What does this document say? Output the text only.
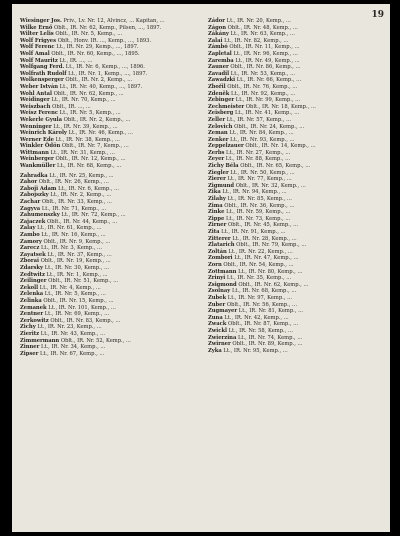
19

Wiesinger Jos. Priv., Lv. Nr. 12, Alvincz, ... Kapitan, ...

Wilke Ernő Oblt., IR. Nr. 62, Kemp., Pilsen, ..., 1897.

Wilter Lelis Oblt., IR. Nr. 5, Kemp., ...

Wolf Frigyes Oblt., Honv. IR. ..., Kemp., ..., 1893.

Wolf Ferenc Lt., IR. Nr. 29, Kemp., ..., 1897.

Wolf Amal Oblt., IR. Nr. 60, Kemp., ..., 1895.

Wolf Mauritz Lt., IR. ..., ...

Wolfgang Ferd. Lt., IR. Nr. 6, Kemp., ..., 1896.

Wolfrath Rudolf Lt., IR. Nr. 1, Kemp., ..., 1897.

Wolkensperger Oblt., IR. Nr. 2, Kemp., ...

Weber István Lt., IR. Nr. 40, Kemp., ..., 1897.

Wohl Antal Oblt., IR. Nr. 62, Kemp., ...

Weidinger Lt., IR. Nr. 70, Kemp., ...

Weiszbach Oblt., IR. ..., ...

Weisz Ferenc Lt., IR. Nr. 5, Kemp., ...

Wekerle Gyula Oblt., IR. Nr. 2, Kemp., ...

Wenninger Lt., IR. Nr. 39, Kemp., ...

Weinrich Károly Lt., IR. Nr. 46, Kemp., ...

Werner Ede Lt., IR. Nr. 38, Kemp., ...

Winkler Ödön Oblt., IR. Nr. 7, Kemp., ...

Wittmann Lt., IR. Nr. 31, Kemp., ...

Weinberger Oblt., IR. Nr. 12, Kemp., ...

Wankmüller Lt., IR. Nr. 68, Kemp., ...

Zahradka Lt., IR. Nr. 25, Kemp., ...

Zahor Oblt., IR. Nr. 26, Kemp., ...

Zaboji Adam Lt., IR. Nr. 6, Kemp., ...

Zabojszky Lt., IR. Nr. 2, Kemp., ...

Zachar Oblt., IR. Nr. 33, Kemp., ...

Zagyva Lt., IR. Nr. 71, Kemp., ...

Zahumenszky Lt., IR. Nr. 72, Kemp., ...

Zajaczek Oblt., IR. Nr. 44, Kemp., ...

Zalay Lt., IR. Nr. 61, Kemp., ...

Zambo Lt., IR. Nr. 16, Kemp., ...

Zamory Oblt., IR. Nr. 9, Kemp., ...

Zarecz Lt., IR. Nr. 3, Kemp., ...

Zayatsek Lt., IR. Nr. 37, Kemp., ...

Zborai Oblt., IR. Nr. 19, Kemp., ...

Zdarsky Lt., IR. Nr. 30, Kemp., ...

Zedtwitz Lt., IR. Nr. 1, Kemp., ...

Zeilinger Oblt., IR. Nr. 51, Kemp., ...

Zekoll Lt., IR. Nr. 4, Kemp., ...

Zelenka Lt., IR. Nr. 5, Kemp., ...

Zelinka Oblt., IR. Nr. 15, Kemp., ...

Zemanek Lt., IR. Nr. 101, Kemp., ...

Zentner Lt., IR. Nr. 69, Kemp., ...

Zerkowitz Oblt., IR. Nr. 83, Kemp., ...

Zichy Lt., IR. Nr. 23, Kemp., ...

Zieritz Lt., IR. Nr. 43, Kemp., ...

Zimmermann Oblt., IR. Nr. 52, Kemp., ...

Zinner Lt., IR. Nr. 34, Kemp., ...

Zipser Lt., IR. Nr. 67, Kemp., ...

Zádor Lt., IR. Nr. 20, Kemp., ...

Zágon Oblt., IR. Nr. 48, Kemp., ...

Zákány Lt., IR. Nr. 63, Kemp., ...

Zalai Lt., IR. Nr. 82, Kemp., ...

Zámbó Oblt., IR. Nr. 11, Kemp., ...

Zapletal Lt., IR. Nr. 96, Kemp., ...

Zaremba Lt., IR. Nr. 49, Kemp., ...

Zauner Oblt., IR. Nr. 86, Kemp., ...

Zavadil Lt., IR. Nr. 53, Kemp., ...

Zawadzki Lt., IR. Nr. 66, Kemp., ...

Zbořil Oblt., IR. Nr. 76, Kemp., ...

Zdeněk Lt., IR. Nr. 92, Kemp., ...

Zebinger Lt., IR. Nr. 99, Kemp., ...

Zechmeister Oblt., IR. Nr. 18, Kemp., ...

Zeisberg Lt., IR. Nr. 41, Kemp., ...

Zeller Lt., IR. Nr. 57, Kemp., ...

Zelovich Oblt., IR. Nr. 24, Kemp., ...

Zeman Lt., IR. Nr. 84, Kemp., ...

Zenker Lt., IR. Nr. 93, Kemp., ...

Zeppelzauer Oblt., IR. Nr. 14, Kemp., ...

Zerbs Lt., IR. Nr. 27, Kemp., ...

Zeyer Lt., IR. Nr. 88, Kemp., ...

Zichy Béla Oblt., IR. Nr. 65, Kemp., ...

Ziegler Lt., IR. Nr. 50, Kemp., ...

Zierer Lt., IR. Nr. 77, Kemp., ...

Zigmund Oblt., IR. Nr. 32, Kemp., ...

Zika Lt., IR. Nr. 94, Kemp., ...

Zilahy Lt., IR. Nr. 85, Kemp., ...

Zima Oblt., IR. Nr. 36, Kemp., ...

Zinke Lt., IR. Nr. 59, Kemp., ...

Zippe Lt., IR. Nr. 73, Kemp., ...

Zirner Oblt., IR. Nr. 45, Kemp., ...

Zita Lt., IR. Nr. 91, Kemp., ...

Zitterer Lt., IR. Nr. 28, Kemp., ...

Zlatarich Oblt., IR. Nr. 79, Kemp., ...

Zoltán Lt., IR. Nr. 22, Kemp., ...

Zombori Lt., IR. Nr. 47, Kemp., ...

Zorn Oblt., IR. Nr. 54, Kemp., ...

Zottmann Lt., IR. Nr. 80, Kemp., ...

Zrinyi Lt., IR. Nr. 35, Kemp., ...

Zsigmond Oblt., IR. Nr. 62, Kemp., ...

Zsolnay Lt., IR. Nr. 68, Kemp., ...

Zubek Lt., IR. Nr. 97, Kemp., ...

Zuber Oblt., IR. Nr. 56, Kemp., ...

Zugmayer Lt., IR. Nr. 81, Kemp., ...

Zuna Lt., IR. Nr. 42, Kemp., ...

Zwack Oblt., IR. Nr. 87, Kemp., ...

Zwickl Lt., IR. Nr. 58, Kemp., ...

Zwierzina Lt., IR. Nr. 74, Kemp., ...

Zwirner Oblt., IR. Nr. 89, Kemp., ...

Zyka Lt., IR. Nr. 95, Kemp., ...
